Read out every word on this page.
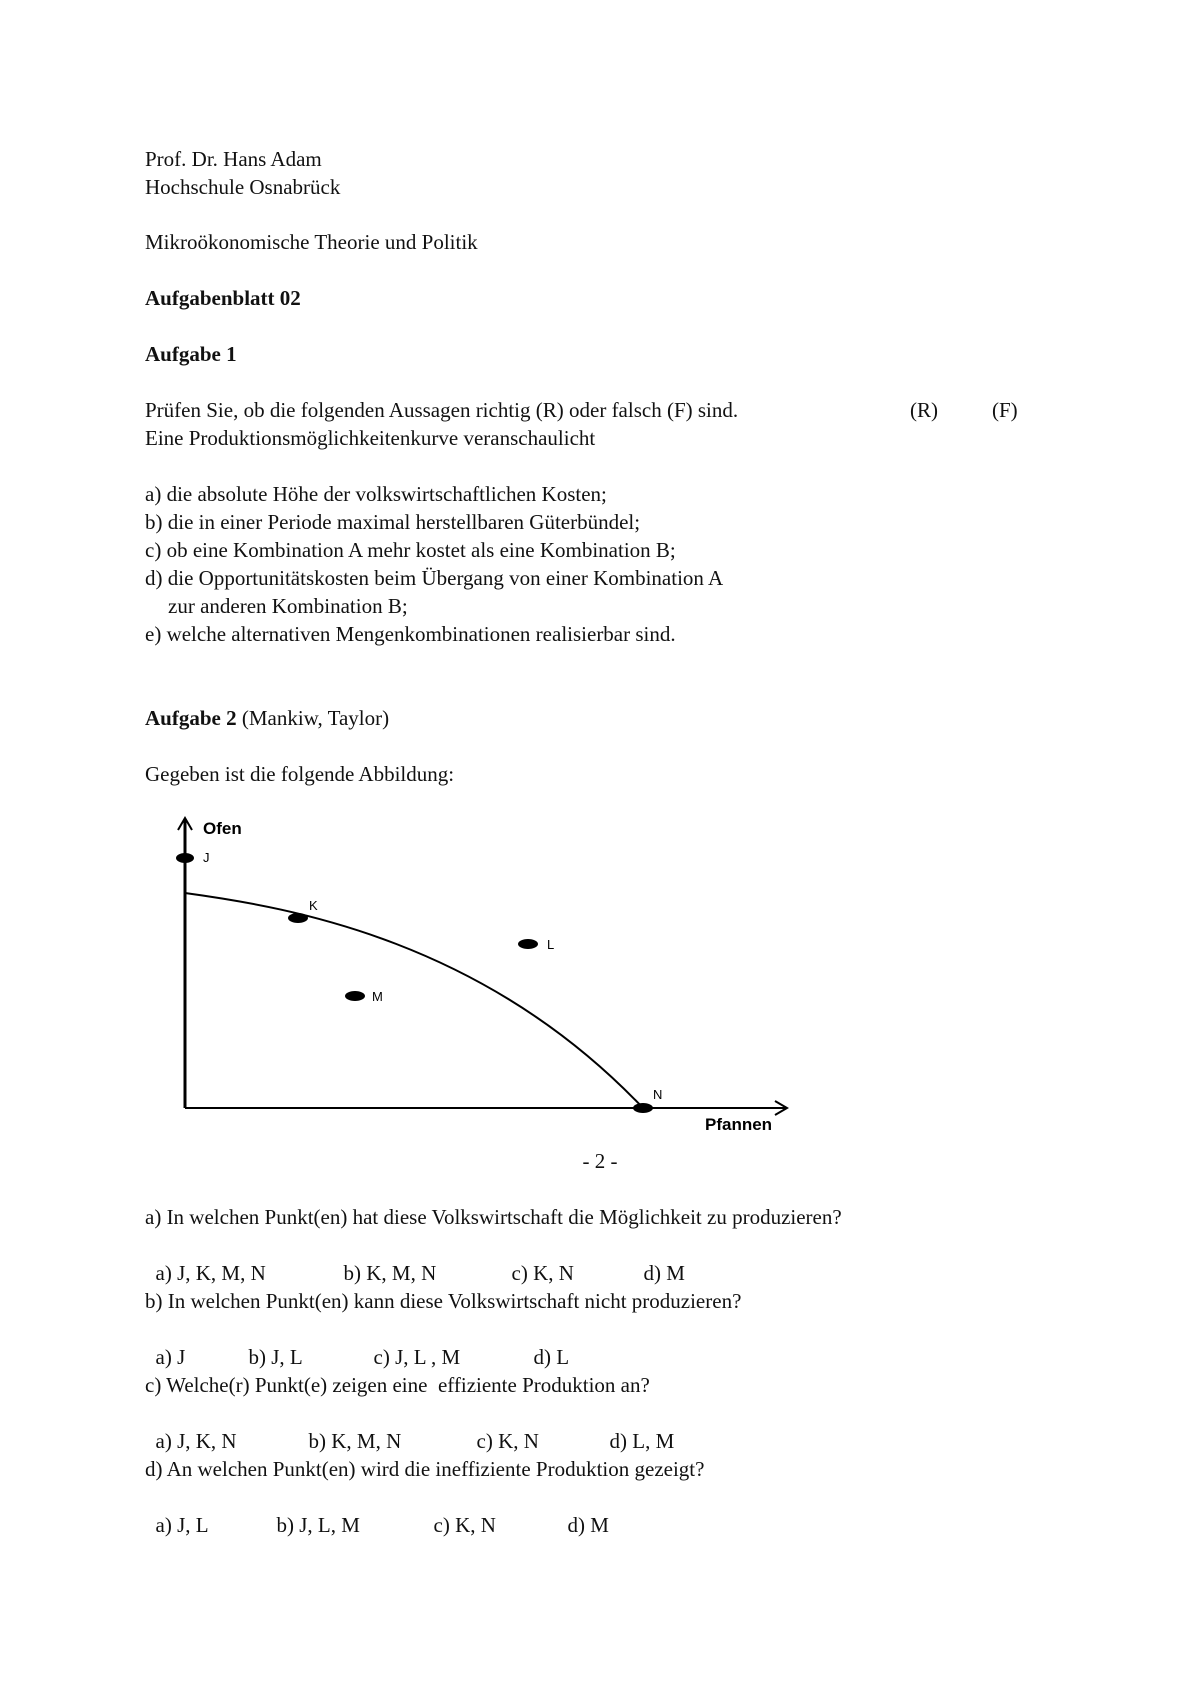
Prof. Dr. Hans Adam
Hochschule Osnabrück
Mikroökonomische Theorie und Politik
Aufgabenblatt 02
Aufgabe 1
Prüfen Sie, ob die folgenden Aussagen richtig (R) oder falsch (F) sind.	(R)	(F)
Eine Produktionsmöglichkeitenkurve veranschaulicht
a) die absolute Höhe der volkswirtschaftlichen Kosten;
b) die in einer Periode maximal herstellbaren Güterbündel;
c) ob eine Kombination A mehr kostet als eine Kombination B;
d) die Opportunitätskosten beim Übergang von einer Kombination A
zur anderen Kombination B;
e) welche alternativen Mengenkombinationen realisierbar sind.
Aufgabe 2 (Mankiw, Taylor)
Gegeben ist die folgende Abbildung:
Ofen
Pfannen
J
K
L
M
N
- 2 -
a) In welchen Punkt(en) hat diese Volkswirtschaft die Möglichkeit zu produzieren?

a) J, K, M, N	b) K, M, N	c) K, N	d) M

b) In welchen Punkt(en) kann diese Volkswirtschaft nicht produzieren?

a) J	b) J, L	c) J, L , M	d) L

c) Welche(r) Punkt(e) zeigen eine  effiziente Produktion an?

a) J, K, N	b) K, M, N	c) K, N	d) L, M

d) An welchen Punkt(en) wird die ineffiziente Produktion gezeigt?

a) J, L	b) J, L, M	c) K, N	d) M
